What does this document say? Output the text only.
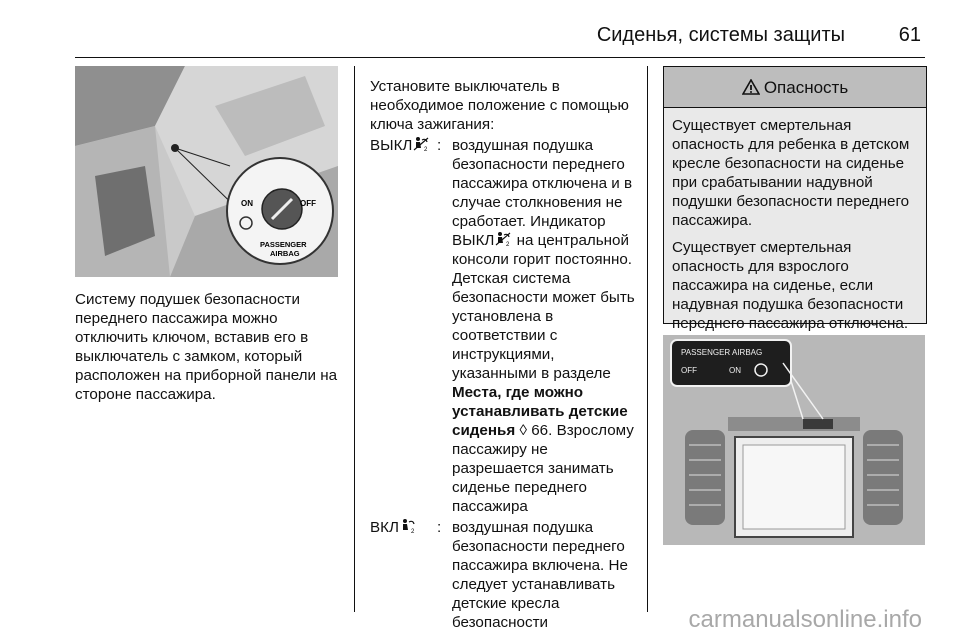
Сиденья, системы защиты	61
ON	OFF
PASSENGER
AIRBAG
Систему подушек безопасности переднего пассажира можно отключить ключом, вставив его в выключатель с замком, который расположен на приборной панели на стороне пассажира.
Установите выключатель в необходимое положение с помощью ключа зажигания:
ВЫКЛ 2 : воздушная подушка безопасности переднего пассажира отключена и в случае столкновения не сработает. Индикатор ВЫКЛ 2 на центральной консоли горит постоянно. Детская система безопасности может быть установлена в соответствии с инструкциями, указанными в разделе Места, где можно устанавливать детские сиденья ◊ 66. Взрослому пассажиру не разрешается занимать сиденье переднего пассажира
ВКЛ 2 : воздушная подушка безопасности переднего пассажира включена. Не следует устанавливать детские кресла безопасности
Опасность

Существует смертельная опасность для ребенка в детском кресле безопасности на сиденье при срабатывании надувной подушки безопасности переднего пассажира.

Существует смертельная опасность для взрослого пассажира на сиденье, если надувная подушка безопасности переднего пассажира отключена.

PASSENGER AIRBAG
OFF	ON
carmanualsonline.info
